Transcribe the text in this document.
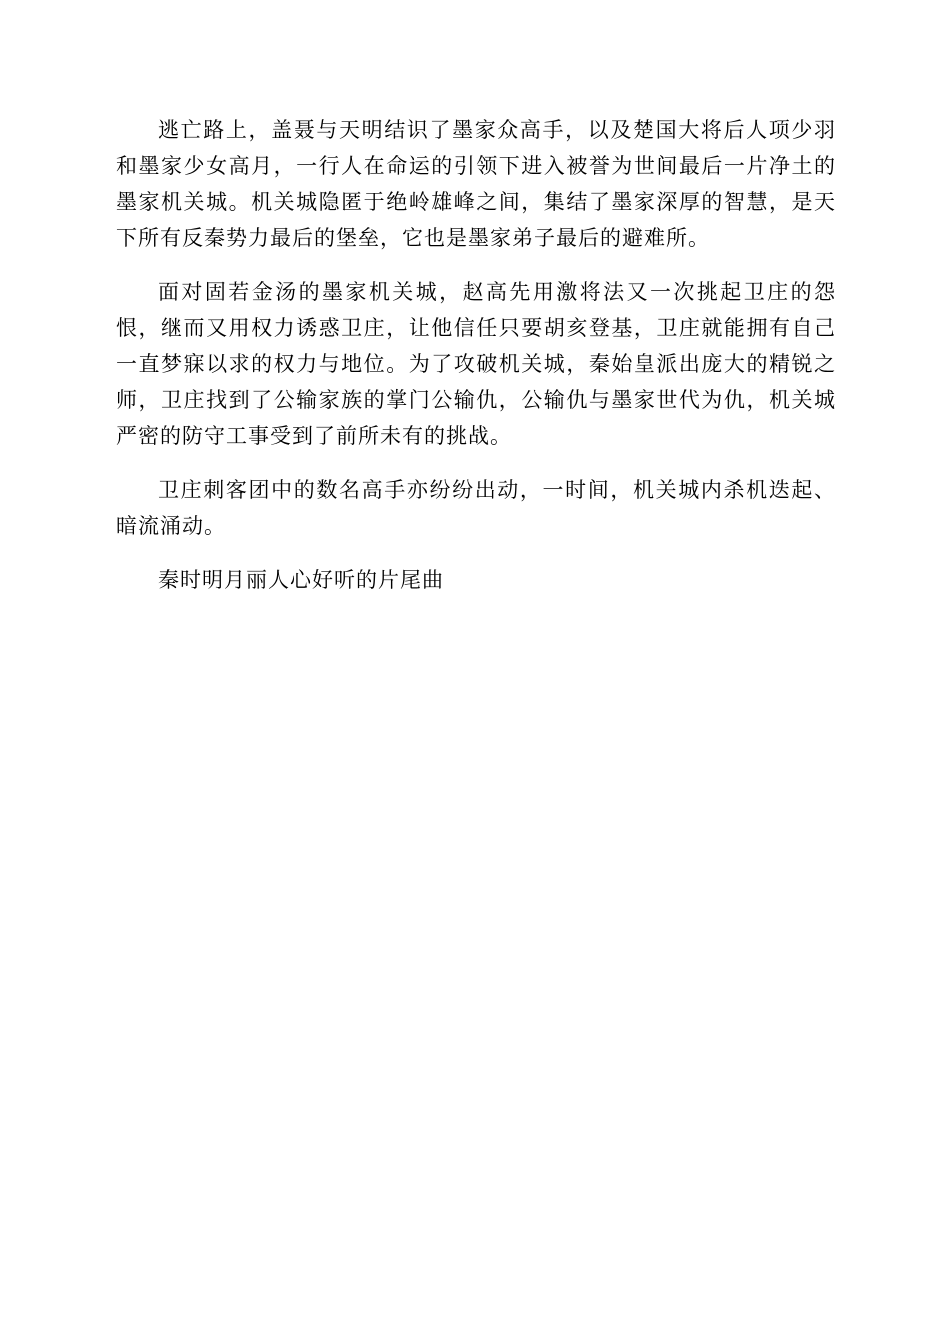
逃亡路上，盖聂与天明结识了墨家众高手，以及楚国大将后人项少羽和墨家少女高月，一行人在命运的引领下进入被誉为世间最后一片净土的墨家机关城。机关城隐匿于绝岭雄峰之间，集结了墨家深厚的智慧，是天下所有反秦势力最后的堡垒，它也是墨家弟子最后的避难所。

面对固若金汤的墨家机关城，赵高先用激将法又一次挑起卫庄的怨恨，继而又用权力诱惑卫庄，让他信任只要胡亥登基，卫庄就能拥有自己一直梦寐以求的权力与地位。为了攻破机关城，秦始皇派出庞大的精锐之师，卫庄找到了公输家族的掌门公输仇，公输仇与墨家世代为仇，机关城严密的防守工事受到了前所未有的挑战。

卫庄刺客团中的数名高手亦纷纷出动，一时间，机关城内杀机迭起、暗流涌动。

秦时明月丽人心好听的片尾曲
